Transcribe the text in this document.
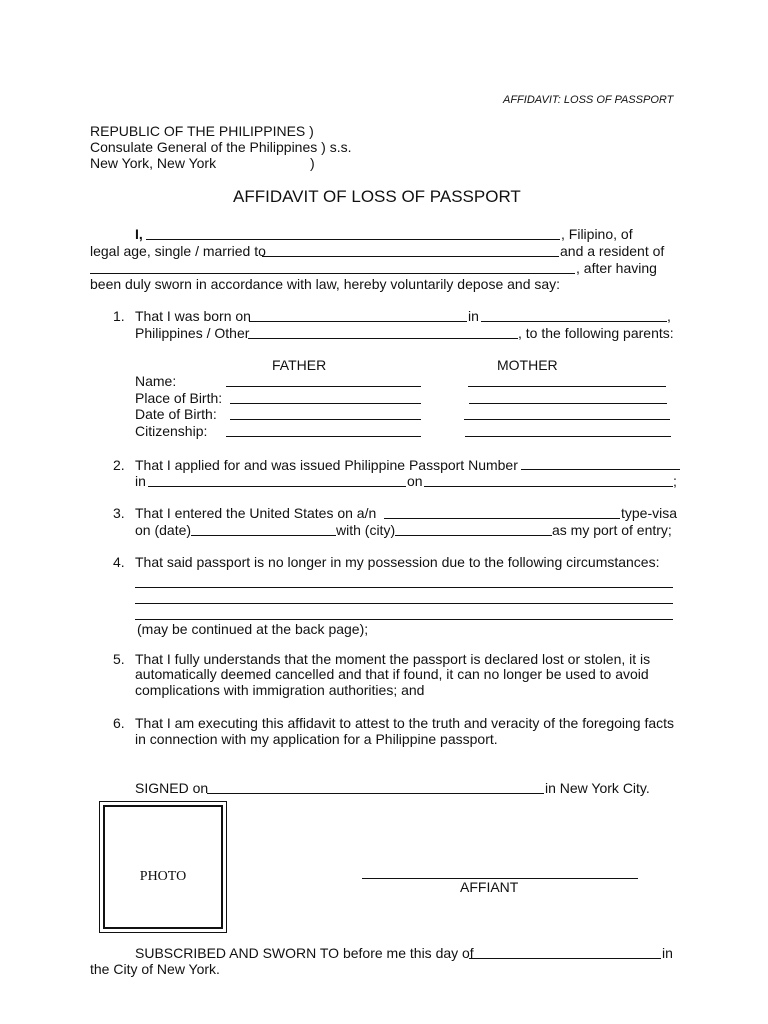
AFFIDAVIT: LOSS OF PASSPORT
REPUBLIC OF THE PHILIPPINES )
Consulate General of the Philippines ) s.s.
New York, New York	)
AFFIDAVIT OF LOSS OF PASSPORT
I,	, Filipino, of
legal age, single / married to	and a resident of
, after having
been duly sworn in accordance with law, hereby voluntarily depose and say:
1. That I was born on	in	,
Philippines / Other	, to the following parents:
FATHER	MOTHER
Name:
Place of Birth:
Date of Birth:
Citizenship:
2. That I applied for and was issued Philippine Passport Number
in	on	;
3. That I entered the United States on a/n	type-visa
on (date)	with (city)	as my port of entry;
4. That said passport is no longer in my possession due to the following circumstances:
(may be continued at the back page);
5. That I fully understands that the moment the passport is declared lost or stolen, it is
automatically deemed cancelled and that if found, it can no longer be used to avoid
complications with immigration authorities; and
6. That I am executing this affidavit to attest to the truth and veracity of the foregoing facts
in connection with my application for a Philippine passport.
SIGNED on	in New York City.
PHOTO
AFFIANT
SUBSCRIBED AND SWORN TO before me this day of	in
the City of New York.
